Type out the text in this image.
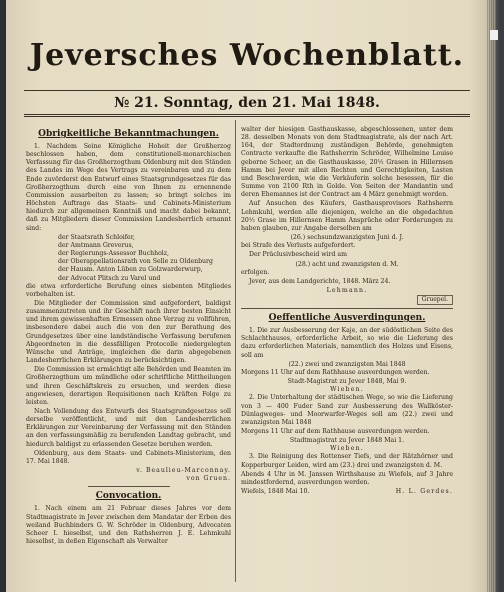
Jeversches Wochenblatt.
№ 21. Sonntag, den 21. Mai 1848.
Obrigkeitliche Bekanntmachungen.
1. Nachdem Seine Königliche Hoheit der Großherzog beschlossen haben, dem constitutionell-monarchischen Verfassung für das Großherzogthum Oldenburg mit den Ständen des Landes im Wege des Vertrags zu vereinbaren und zu dem Ende zuvörderst den Entwurf eines Staatsgrundgesetzes für das Großherzogthum durch eine von Ihnen zu ernennende Commission ausarbeiten zu lassen; so bringt solches im Höchsten Auftrage das Staats- und Cabinets-Ministerium hiedurch zur allgemeinen Kenntniß und macht dabei bekannt, daß zu Mitgliedern dieser Commission Landesherrlich ernannt sind:
der Staatsrath Schloifer,
der Amtmann Greverus,
der Regierungs-Assessor Buchholz,
der Oberappellationsrath von Selle zu Oldenburg
der Hausm. Anton Lüben zu Golzwarderwurp,
der Advocat Plitsch zu Varel und
die etwa erforderliche Berufung eines siebenten Mitgliedes vorbehalten ist.
Die Mitglieder der Commission sind aufgefordert, baldigst zusammenzutreten und ihr Geschäft nach ihrer besten Einsicht und ihrem gewissenhaften Ermessen ohne Verzug zu vollführen, insbesondere dabei auch die von den zur Berathung des Grundgesetzes über eine landständische Verfassung berufenen Abgeordneten in die dessfälligen Protocolle niedergelegten Wünsche und Anträge, imgleichen die darin abgegebenen Landesherrlichen Erklärungen zu berücksichtigen.
Die Commission ist ermächtigt alle Behörden und Beamten im Großherzogthum um mündliche oder schriftliche Mittheilungen und ihren Geschäftskreis zu ersuchen, und werden diese angewiesen, derartigen Requisitionen nach Kräften Folge zu leisten.
Nach Vollendung des Entwurfs des Staatsgrundgesetzes soll derselbe veröffentlicht, und mit den Landesherrlichen Erklärungen zur Vereinbarung der Verfassung mit den Ständen an den verfassungsmäßig zu berufenden Landtag gebracht, und hiedurch baldigst zu erlassenden Gesetze beruhen werden.
Oldenburg, aus dem Staats- und Cabinets-Ministerium, den 17. Mai 1848.
v. Beaulieu-Marconnay.
von Gruen.
Convocation.
1. Nach einem am 21 Februar dieses Jahres vor dem Stadtmagistrate in Jever zwischen dem Mandatar der Erben des weiland Buchbinders G. W. Schröder in Oldenburg, Advocaten Scheer I. hieselbst, und den Rathsherren J. E. Lehmkuhl hieselbst, in deßen Eigenschaft als Verwalter
walter der hiesigen Gasthauskasse, abgeschlossenen, unter dem 28. desselben Monats von dem Stadtmagistrate, als der nach Art. 164, der Stadtordnung zuständigen Behörde, genehmigten Contracte verkaufte die Rathsherrin Schröder, Wilhelmine Louise geborne Scheer, an die Gasthauskasse, 20½ Grasen in Hillernsen Hamm bei Jever mit allen Rechten und Gerechtigkeiten, Lasten und Beschwerden, wie die Verkäuferin solche besessen, für die Summe von 2100 Rth in Golde. Von Seiten der Mandantin und deren Ehemannes ist der Contract am 4 März genehmigt worden.
Auf Ansuchen des Käufers, Gasthausprovisors Rathsherrn Lehmkuhl, werden alle diejenigen, welche an die obgedachten 20½ Grase im Hillernsen Hamm Ansprüche oder Forderungen zu haben glauben, zur Angabe derselben am
(26.) sechsundzwanzigsten Juni d. J.
bei Strafe des Verlusts aufgefordert.
Der Präclusivbescheid wird am
(28.) acht und zwanzigsten d. M.
erfolgen.
Jever, aus dem Landgerichte, 1848. März 24.
Lehmann.
Gruepel.
Oeffentliche Ausverdingungen.
1. Die zur Ausbesserung der Kaje, an der südöstlichen Seite des Schlachthauses, erforderliche Arbeit, so wie die Lieferung des dazu erforderlichen Materials, namentlich des Holzes und Eisens, soll am
(22.) zwei und zwanzigsten Mai 1848
Morgens 11 Uhr auf dem Rathhause ausverdungen werden.
Stadt-Magistrat zu Jever 1848, Mai 9.
Wieben.
2. Die Unterhaltung der städtischen Wege, so wie die Lieferung von 3 — 400 Fuder Sand zur Ausbesserung des Wallköster-Dünlagweges- und Moorwarfer-Weges soll am (22.) zwei und zwanzigsten Mai 1848
Morgens 11 Uhr auf dem Rathhause ausverdungen werden.
Stadtmagistrat zu Jever 1848 Mai 1.
Wieben.
3. Die Reinigung des Rottenser Tiefs, und der Rätzhörner und Kopperburger Leiden, wird am (23.) drei und zwanzigsten d. M.
Abends 4 Uhr in M. Janssen Wirthshause zu Wiefels, auf 3 Jahre mindestfordernd, ausverdungen werden.
Wiefels, 1848 Mai 10.	H. L. Gerdes.
